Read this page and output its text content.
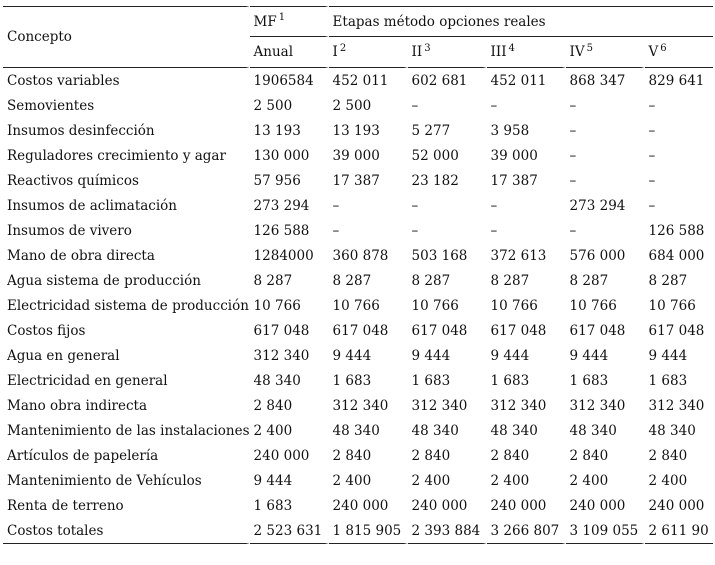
Concepto	MF $^1$	Etapas método opciones reales				
	Anual	I $^2$	II $^3$	III $^4$	IV $^5$	V $^6$
Costos variables	1906584	452 011	602 681	452 011	868 347	829 641
Semovientes	2 500	2 500	–	–	–	–
Insumos desinfección	13 193	13 193	5 277	3 958	–	–
Reguladores crecimiento y agar	130 000	39 000	52 000	39 000	–	–
Reactivos químicos	57 956	17 387	23 182	17 387	–	–
Insumos de aclimatación	273 294	–	–	–	273 294	–
Insumos de vivero	126 588	–	–	–	–	126 588
Mano de obra directa	1284000	360 878	503 168	372 613	576 000	684 000
Agua sistema de producción	8 287	8 287	8 287	8 287	8 287	8 287
Electricidad sistema de producción	10 766	10 766	10 766	10 766	10 766	10 766
Costos fijos	617 048	617 048	617 048	617 048	617 048	617 048
Agua en general	312 340	9 444	9 444	9 444	9 444	9 444
Electricidad en general	48 340	1 683	1 683	1 683	1 683	1 683
Mano obra indirecta	2 840	312 340	312 340	312 340	312 340	312 340
Mantenimiento de las instalaciones	2 400	48 340	48 340	48 340	48 340	48 340
Artículos de papelería	240 000	2 840	2 840	2 840	2 840	2 840
Mantenimiento de Vehículos	9 444	2 400	2 400	2 400	2 400	2 400
Renta de terreno	1 683	240 000	240 000	240 000	240 000	240 000
Costos totales	2 523 631	1 815 905	2 393 884	3 266 807	3 109 055	2 611 90
